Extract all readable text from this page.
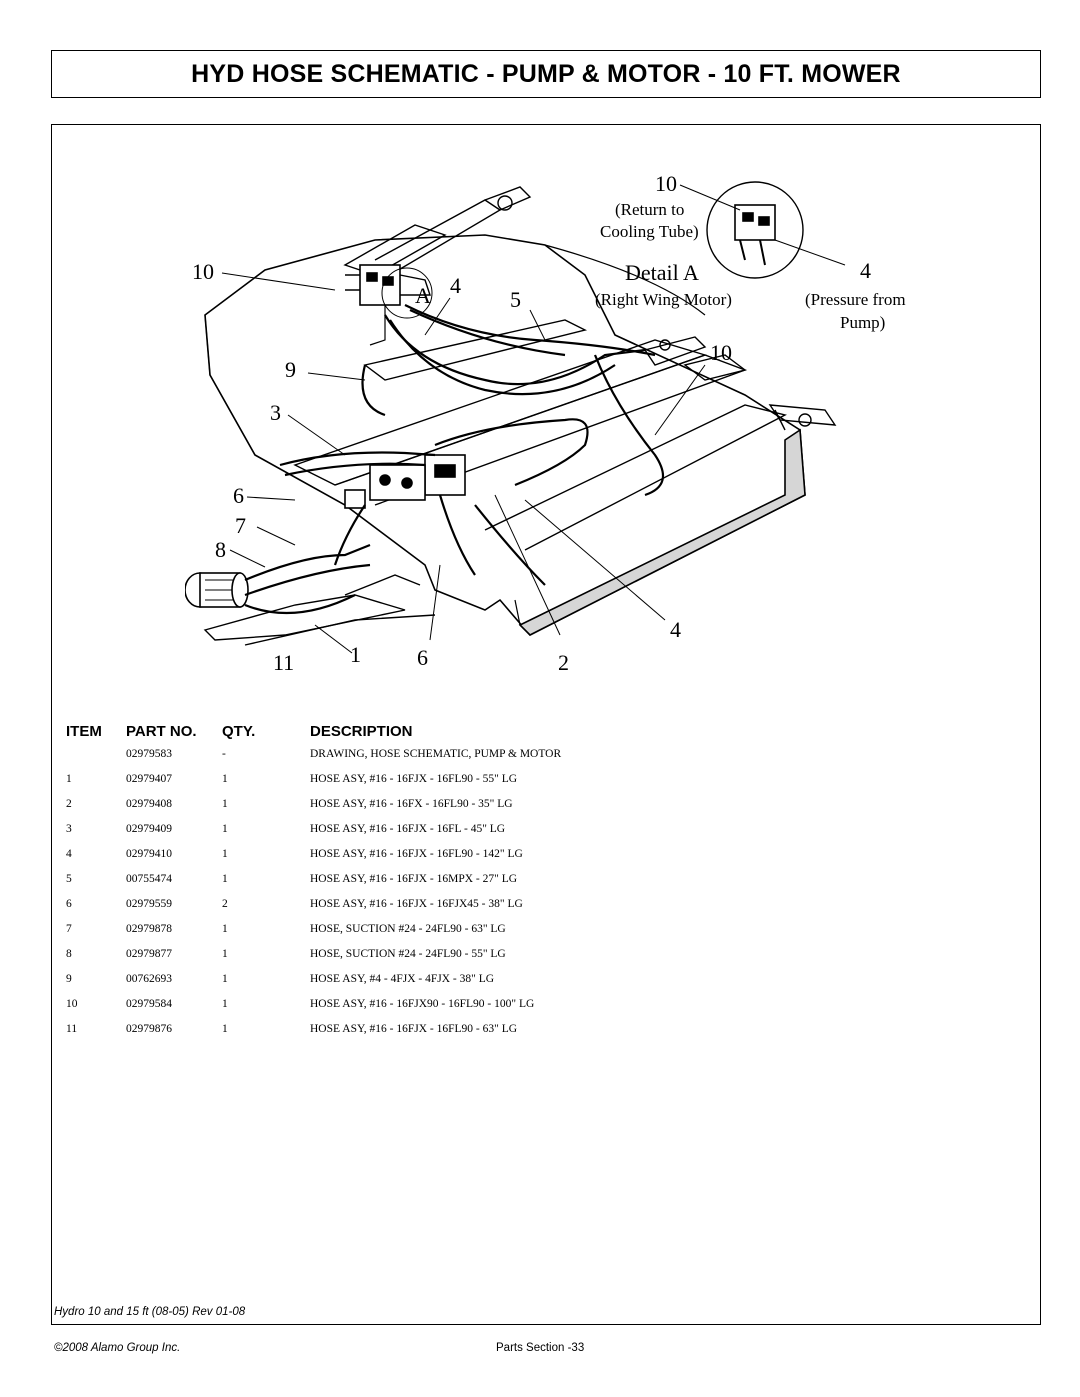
HYD HOSE SCHEMATIC - PUMP & MOTOR - 10 FT. MOWER
10
9
3
6
7
8
11	1	6	2
4
4
5
10
A
10
(Return to
Cooling Tube)
Detail A
(Right Wing Motor)
4
(Pressure from
Pump)
ITEM PART NO. QTY.	DESCRIPTION
02979583	-	DRAWING, HOSE SCHEMATIC, PUMP & MOTOR
1	02979407	1	HOSE ASY, #16 - 16FJX - 16FL90 - 55" LG
2	02979408	1	HOSE ASY, #16 - 16FX - 16FL90 - 35" LG
3	02979409	1	HOSE ASY, #16 - 16FJX - 16FL - 45" LG
4	02979410	1	HOSE ASY, #16 - 16FJX - 16FL90 - 142" LG
5	00755474	1	HOSE ASY, #16 - 16FJX - 16MPX - 27" LG
6	02979559	2	HOSE ASY, #16 - 16FJX - 16FJX45 - 38" LG
7	02979878	1	HOSE, SUCTION #24 - 24FL90 - 63" LG
8	02979877	1	HOSE, SUCTION #24 - 24FL90 - 55" LG
9	00762693	1	HOSE ASY, #4 - 4FJX - 4FJX - 38" LG
10	02979584	1	HOSE ASY, #16 - 16FJX90 - 16FL90 - 100" LG
11	02979876	1	HOSE ASY, #16 - 16FJX - 16FL90 - 63" LG
Hydro 10 and 15 ft (08-05) Rev 01-08
©2008 Alamo Group Inc.	Parts Section -33
